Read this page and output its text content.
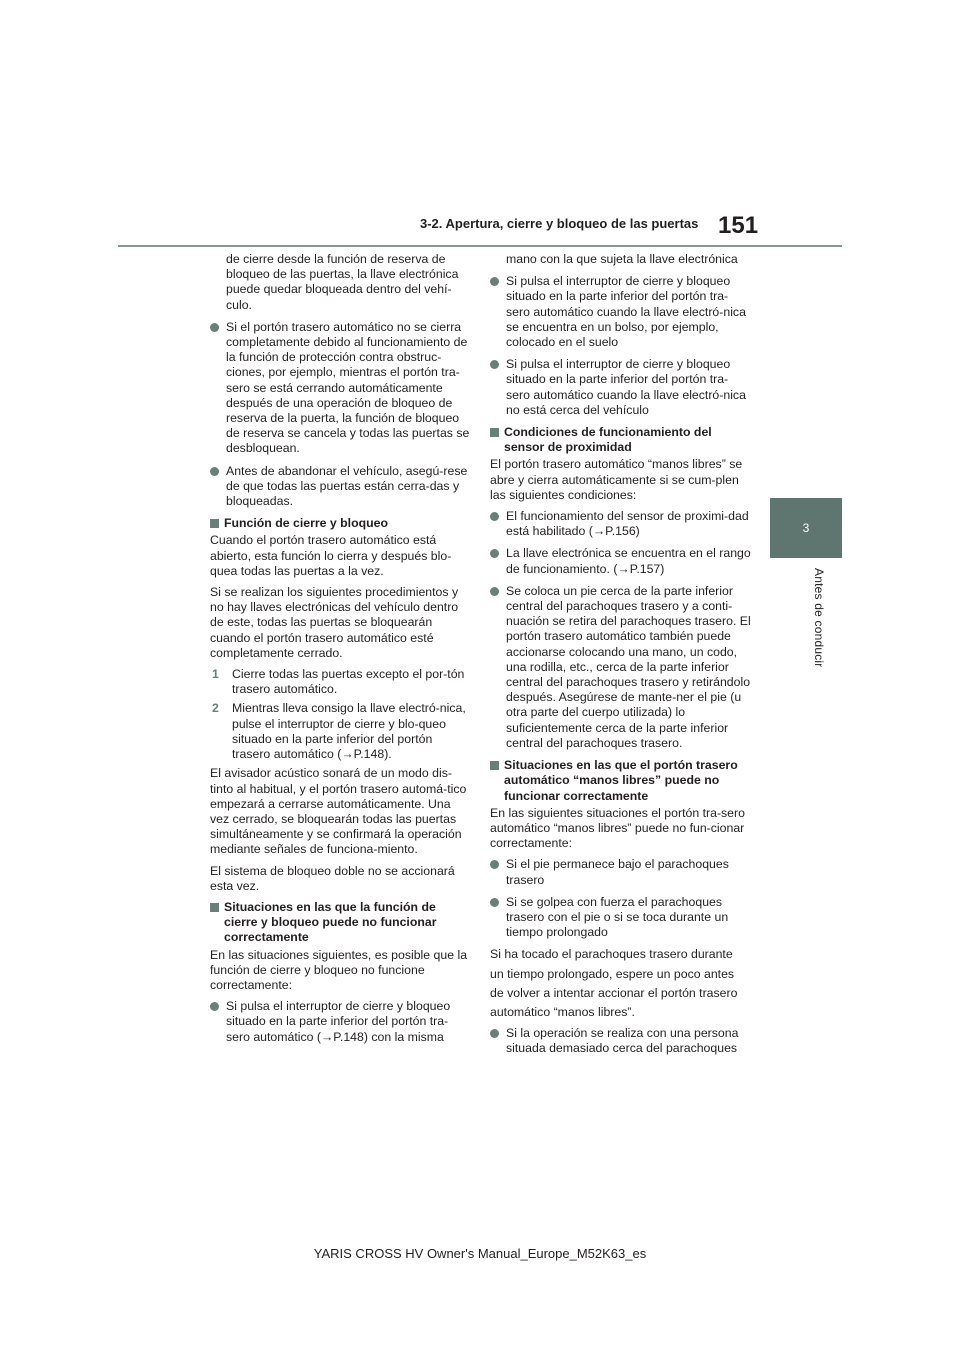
3-2. Apertura, cierre y bloqueo de las puertas 151
3
Antes de conducir
de cierre desde la función de reserva de bloqueo de las puertas, la llave electrónica puede quedar bloqueada dentro del vehí-culo.
Si el portón trasero automático no se cierra completamente debido al funcionamiento de la función de protección contra obstruc-ciones, por ejemplo, mientras el portón tra-sero se está cerrando automáticamente después de una operación de bloqueo de reserva de la puerta, la función de bloqueo de reserva se cancela y todas las puertas se desbloquean.
Antes de abandonar el vehículo, asegú-rese de que todas las puertas están cerra-das y bloqueadas.
Función de cierre y bloqueo

Cuando el portón trasero automático está abierto, esta función lo cierra y después blo-quea todas las puertas a la vez.

Si se realizan los siguientes procedimientos y no hay llaves electrónicas del vehículo dentro de este, todas las puertas se bloquearán cuando el portón trasero automático esté completamente cerrado.

1 Cierre todas las puertas excepto el por-tón trasero automático.
2 Mientras lleva consigo la llave electró-nica, pulse el interruptor de cierre y blo-queo situado en la parte inferior del portón trasero automático (→P.148).

El avisador acústico sonará de un modo dis-tinto al habitual, y el portón trasero automá-tico empezará a cerrarse automáticamente. Una vez cerrado, se bloquearán todas las puertas simultáneamente y se confirmará la operación mediante señales de funciona-miento.

El sistema de bloqueo doble no se accionará esta vez.

Situaciones en las que la función de cierre y bloqueo puede no funcionar correctamente

En las situaciones siguientes, es posible que la función de cierre y bloqueo no funcione correctamente:

Si pulsa el interruptor de cierre y bloqueo situado en la parte inferior del portón tra-sero automático (→P.148) con la misma
mano con la que sujeta la llave electrónica
Si pulsa el interruptor de cierre y bloqueo situado en la parte inferior del portón tra-sero automático cuando la llave electró-nica se encuentra en un bolso, por ejemplo, colocado en el suelo
Si pulsa el interruptor de cierre y bloqueo situado en la parte inferior del portón tra-sero automático cuando la llave electró-nica no está cerca del vehículo
Condiciones de funcionamiento del sensor de proximidad

El portón trasero automático “manos libres” se abre y cierra automáticamente si se cum-plen las siguientes condiciones:

El funcionamiento del sensor de proximi-dad está habilitado (→P.156)
La llave electrónica se encuentra en el rango de funcionamiento. (→P.157)
Se coloca un pie cerca de la parte inferior central del parachoques trasero y a conti-nuación se retira del parachoques trasero. El portón trasero automático también puede accionarse colocando una mano, un codo, una rodilla, etc., cerca de la parte inferior central del parachoques trasero y retirándolo después. Asegúrese de mante-ner el pie (u otra parte del cuerpo utilizada) lo suficientemente cerca de la parte inferior central del parachoques trasero.
Situaciones en las que el portón trasero automático “manos libres” puede no funcionar correctamente

En las siguientes situaciones el portón tra-sero automático “manos libres” puede no fun-cionar correctamente:

Si el pie permanece bajo el parachoques trasero
Si se golpea con fuerza el parachoques trasero con el pie o si se toca durante un tiempo prolongado

Si ha tocado el parachoques trasero durante

un tiempo prolongado, espere un poco antes

de volver a intentar accionar el portón trasero

automático “manos libres”.

Si la operación se realiza con una persona situada demasiado cerca del parachoques
YARIS CROSS HV Owner's Manual_Europe_M52K63_es
